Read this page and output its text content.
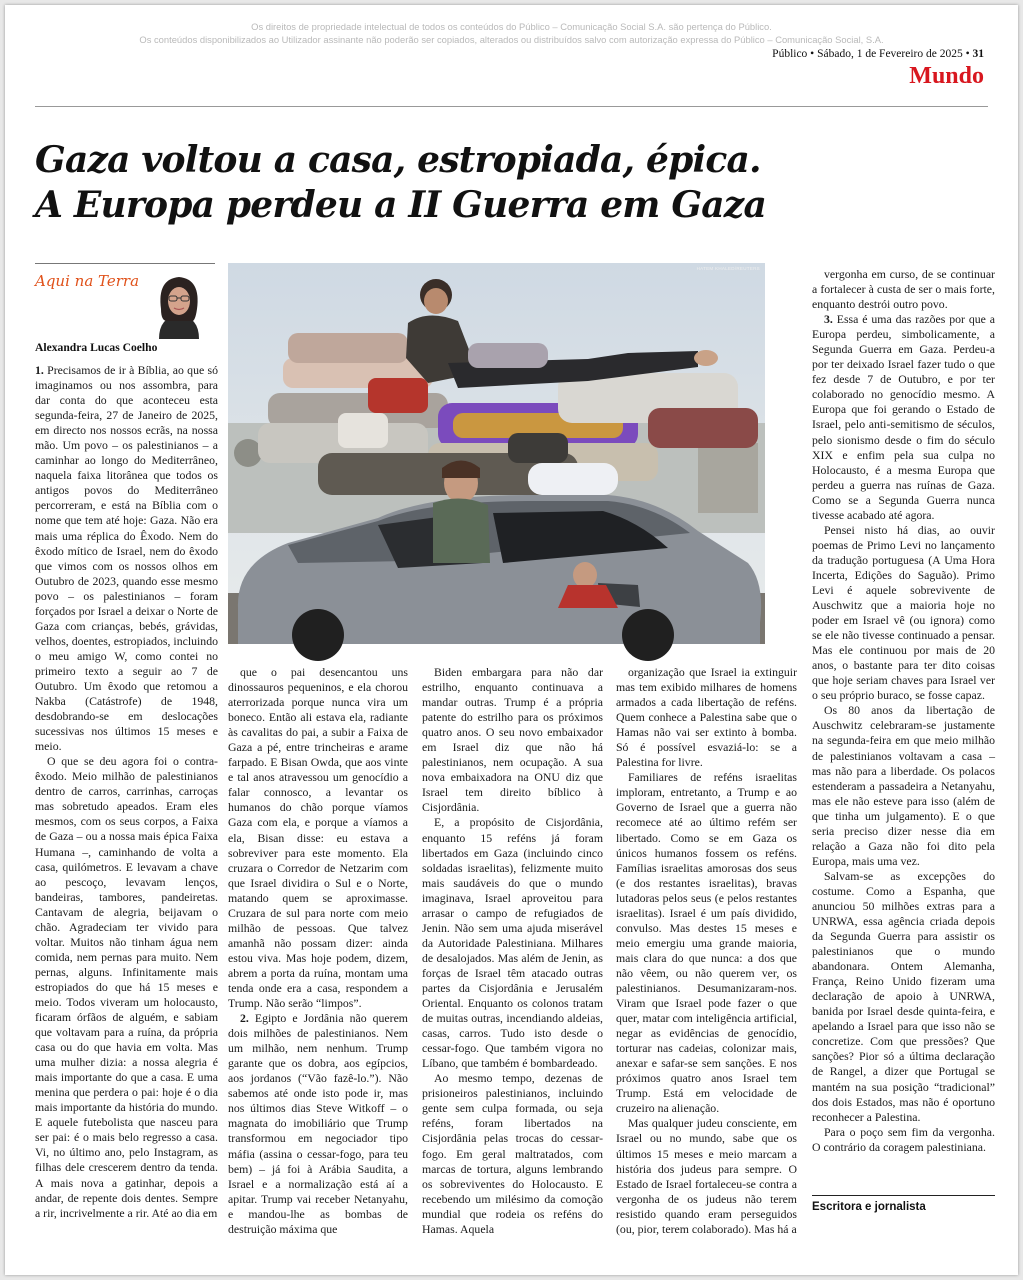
Os direitos de propriedade intelectual de todos os conteúdos do Público – Comunicação Social S.A. são pertença do Público.
Os conteúdos disponibilizados ao Utilizador assinante não poderão ser copiados, alterados ou distribuídos salvo com autorização expressa do Público – Comunicação Social, S.A.
Público • Sábado, 1 de Fevereiro de 2025 • 31
Mundo
Gaza voltou a casa, estropiada, épica.
A Europa perdeu a II Guerra em Gaza
Aqui na Terra
Alexandra Lucas Coelho
HATEM KHALED/REUTERS

1. Precisamos de ir à Bíblia, ao que só imaginamos ou nos assombra, para dar conta do que aconteceu esta segunda-feira, 27 de Janeiro de 2025, em directo nos nossos ecrãs, na nossa mão. Um povo – os palestinianos – a caminhar ao longo do Mediterrâneo, naquela faixa litorânea que todos os antigos povos do Mediterrâneo percorreram, e está na Bíblia com o nome que tem até hoje: Gaza. Não era mais uma réplica do Êxodo. Nem do êxodo mítico de Israel, nem do êxodo que vimos com os nossos olhos em Outubro de 2023, quando esse mesmo povo – os palestinianos – foram forçados por Israel a deixar o Norte de Gaza com crianças, bebés, grávidas, velhos, doentes, estropiados, incluindo o meu amigo W, como contei no primeiro texto a seguir ao 7 de Outubro. Um êxodo que retomou a Nakba (Catástrofe) de 1948, desdobrando-se em deslocações sucessivas nos últimos 15 meses e meio.

O que se deu agora foi o contra-êxodo. Meio milhão de palestinianos dentro de carros, carrinhas, carroças mas sobretudo apeados. Eram eles mesmos, com os seus corpos, a Faixa de Gaza – ou a nossa mais épica Faixa Humana –, caminhando de volta a casa, quilómetros. E levavam a chave ao pescoço, levavam lenços, bandeiras, tambores, pandeiretas. Cantavam de alegria, beijavam o chão. Agradeciam ter vivido para voltar. Muitos não tinham água nem comida, nem pernas para muito. Nem pernas, alguns. Infinitamente mais estropiados do que há 15 meses e meio. Todos viveram um holocausto, ficaram órfãos de alguém, e sabiam que voltavam para a ruína, da própria casa ou do que havia em volta. Mas uma mulher dizia: a nossa alegria é mais importante do que a casa. E uma menina que perdera o pai: hoje é o dia mais importante da história do mundo. E aquele futebolista que nasceu para ser pai: é o mais belo regresso a casa. Vi, no último ano, pelo Instagram, as filhas dele crescerem dentro da tenda. A mais nova a gatinhar, depois a andar, de repente dois dentes. Sempre a rir, incrivelmente a rir. Até ao dia em

que o pai desencantou uns dinossauros pequeninos, e ela chorou aterrorizada porque nunca vira um boneco. Então ali estava ela, radiante às cavalitas do pai, a subir a Faixa de Gaza a pé, entre trincheiras e arame farpado. E Bisan Owda, que aos vinte e tal anos atravessou um genocídio a falar connosco, a levantar os humanos do chão porque víamos Gaza com ela, e porque a víamos a ela, Bisan disse: eu estava a sobreviver para este momento. Ela cruzara o Corredor de Netzarim com que Israel dividira o Sul e o Norte, matando quem se aproximasse. Cruzara de sul para norte com meio milhão de pessoas. Que talvez amanhã não possam dizer: ainda estou viva. Mas hoje podem, dizem, abrem a porta da ruína, montam uma tenda onde era a casa, respondem a Trump. Não serão “limpos”.

2. Egipto e Jordânia não querem dois milhões de palestinianos. Nem um milhão, nem nenhum. Trump garante que os dobra, aos egípcios, aos jordanos (“Vão fazê-lo.”). Não sabemos até onde isto pode ir, mas nos últimos dias Steve Witkoff – o magnata do imobiliário que Trump transformou em negociador tipo máfia (assina o cessar-fogo, para teu bem) – já foi à Arábia Saudita, a Israel e a normalização está aí a apitar. Trump vai receber Netanyahu, e mandou-lhe as bombas de destruição máxima que

Biden embargara para não dar estrilho, enquanto continuava a mandar outras. Trump é a própria patente do estrilho para os próximos quatro anos. O seu novo embaixador em Israel diz que não há palestinianos, nem ocupação. A sua nova embaixadora na ONU diz que Israel tem direito bíblico à Cisjordânia.

E, a propósito de Cisjordânia, enquanto 15 reféns já foram libertados em Gaza (incluindo cinco soldadas israelitas), felizmente muito mais saudáveis do que o mundo imaginava, Israel aproveitou para arrasar o campo de refugiados de Jenin. Não sem uma ajuda miserável da Autoridade Palestiniana. Milhares de desalojados. Mas além de Jenin, as forças de Israel têm atacado outras partes da Cisjordânia e Jerusalém Oriental. Enquanto os colonos tratam de muitas outras, incendiando aldeias, casas, carros. Tudo isto desde o cessar-fogo. Que também vigora no Líbano, que também é bombardeado.

Ao mesmo tempo, dezenas de prisioneiros palestinianos, incluindo gente sem culpa formada, ou seja reféns, foram libertados na Cisjordânia pelas trocas do cessar-fogo. Em geral maltratados, com marcas de tortura, alguns lembrando os sobreviventes do Holocausto. E recebendo um milésimo da comoção mundial que rodeia os reféns do Hamas. Aquela

organização que Israel ia extinguir mas tem exibido milhares de homens armados a cada libertação de reféns. Quem conhece a Palestina sabe que o Hamas não vai ser extinto à bomba. Só é possível esvaziá-lo: se a Palestina for livre.

Familiares de reféns israelitas imploram, entretanto, a Trump e ao Governo de Israel que a guerra não recomece até ao último refém ser libertado. Como se em Gaza os únicos humanos fossem os reféns. Famílias israelitas amorosas dos seus (e dos restantes israelitas), bravas lutadoras pelos seus (e pelos restantes israelitas). Israel é um país dividido, convulso. Mas destes 15 meses e meio emergiu uma grande maioria, mais clara do que nunca: a dos que não vêem, ou não querem ver, os palestinianos. Desumanizaram-nos. Viram que Israel pode fazer o que quer, matar com inteligência artificial, negar as evidências de genocídio, torturar nas cadeias, colonizar mais, anexar e safar-se sem sanções. E nos próximos quatro anos Israel tem Trump. Está em velocidade de cruzeiro na alienação.

Mas qualquer judeu consciente, em Israel ou no mundo, sabe que os últimos 15 meses e meio marcam a história dos judeus para sempre. O Estado de Israel fortaleceu-se contra a vergonha de os judeus não terem resistido quando eram perseguidos (ou, pior, terem colaborado). Mas há a

vergonha em curso, de se continuar a fortalecer à custa de ser o mais forte, enquanto destrói outro povo.

3. Essa é uma das razões por que a Europa perdeu, simbolicamente, a Segunda Guerra em Gaza. Perdeu-a por ter deixado Israel fazer tudo o que fez desde 7 de Outubro, e por ter colaborado no genocídio mesmo. A Europa que foi gerando o Estado de Israel, pelo anti-semitismo de séculos, pelo sionismo desde o fim do século XIX e enfim pela sua culpa no Holocausto, é a mesma Europa que perdeu a guerra nas ruínas de Gaza. Como se a Segunda Guerra nunca tivesse acabado até agora.

Pensei nisto há dias, ao ouvir poemas de Primo Levi no lançamento da tradução portuguesa (A Uma Hora Incerta, Edições do Saguão). Primo Levi é aquele sobrevivente de Auschwitz que a maioria hoje no poder em Israel vê (ou ignora) como se ele não tivesse continuado a pensar. Mas ele continuou por mais de 20 anos, o bastante para ter dito coisas que hoje seriam chaves para Israel ver o seu próprio buraco, se fosse capaz.

Os 80 anos da libertação de Auschwitz celebraram-se justamente na segunda-feira em que meio milhão de palestinianos voltavam a casa – mas não para a liberdade. Os polacos estenderam a passadeira a Netanyahu, mas ele não esteve para isso (além de que tinha um julgamento). E o que seria preciso dizer nesse dia em relação a Gaza não foi dito pela Europa, mais uma vez.

Salvam-se as excepções do costume. Como a Espanha, que anunciou 50 milhões extras para a UNRWA, essa agência criada depois da Segunda Guerra para assistir os palestinianos que o mundo abandonara. Ontem Alemanha, França, Reino Unido fizeram uma declaração de apoio à UNRWA, banida por Israel desde quinta-feira, e apelando a Israel para que isso não se concretize. Com que pressões? Que sanções? Pior só a última declaração de Rangel, a dizer que Portugal se mantém na sua posição “tradicional” dos dois Estados, mas não é oportuno reconhecer a Palestina.

Para o poço sem fim da vergonha. O contrário da coragem palestiniana.

Escritora e jornalista
